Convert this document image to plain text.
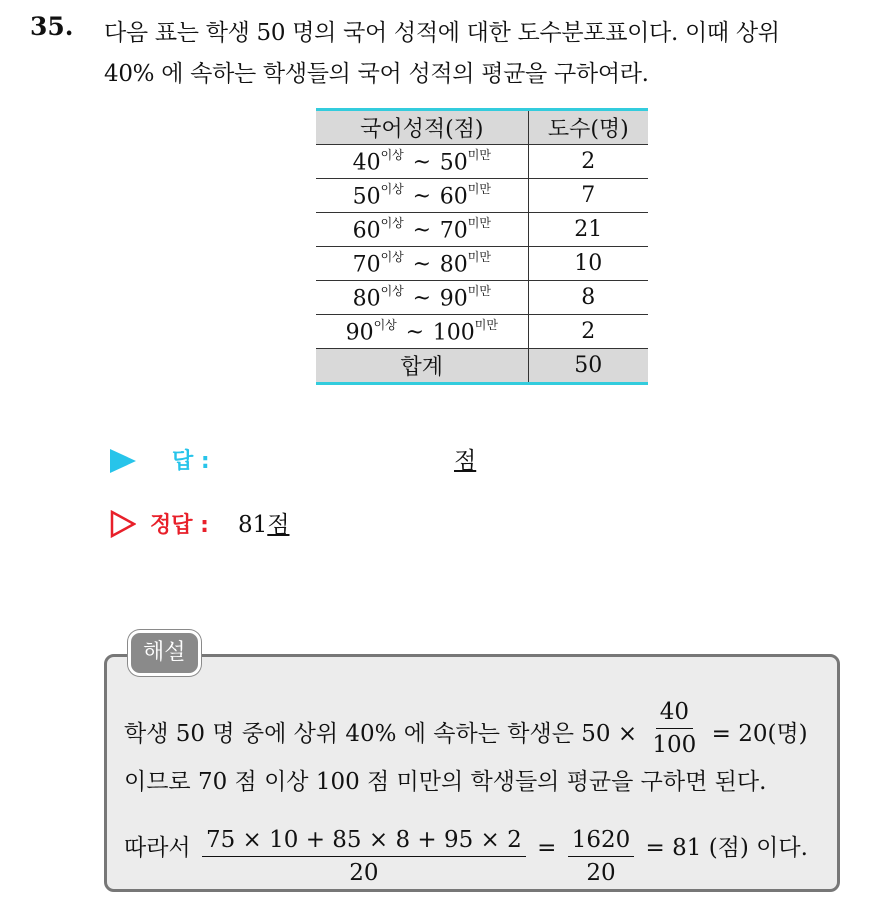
35. 다음 표는 학생 50 명의 국어 성적에 대한 도수분포표이다. 이때 상위
40% 에 속하는 학생들의 국어 성적의 평균을 구하여라.
국어성적(점)	도수(명)
$40^{이상}$ ~ $50^{미만}$	2
$50^{이상}$ ~ $60^{미만}$	7
$60^{이상}$ ~ $70^{미만}$	21
$70^{이상}$ ~ $80^{미만}$	10
$80^{이상}$ ~ $90^{미만}$	8
$90^{이상}$ ~ $100^{미만}$	2
합계	50
답 :	점
정답 : 81점
해설
학생 50 명 중에 상위 40% 에 속하는 학생은 $50 \times \frac{40}{100} = 20$(명)
이므로 70 점 이상 100 점 미만의 학생들의 평균을 구하면 된다.
따라서 $\frac{75 \times 10 + 85 \times 8 + 95 \times 2}{20} = \frac{1620}{20} = 81$ (점) 이다.
